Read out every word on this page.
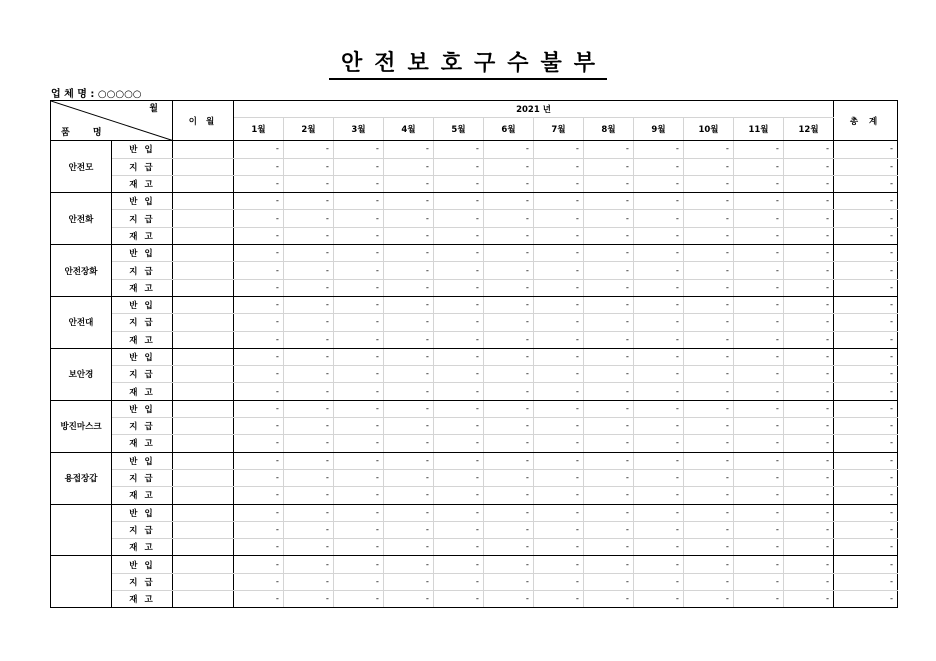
안전보호구수불부
업 체 명 : ○○○○○
월
품 명		이 월	2021 년												총 계
			1월	2월	3월	4월	5월	6월	7월	8월	9월	10월	11월	12월	
안전모	반 입		-	-	-	-	-	-	-	-	-	-	-	-	-
	지 급		-	-	-	-	-	-	-	-	-	-	-	-	-
	재 고		-	-	-	-	-	-	-	-	-	-	-	-	-
안전화	반 입		-	-	-	-	-	-	-	-	-	-	-	-	-
	지 급		-	-	-	-	-	-	-	-	-	-	-	-	-
	재 고		-	-	-	-	-	-	-	-	-	-	-	-	-
안전장화	반 입		-	-	-	-	-	-	-	-	-	-	-	-	-
	지 급		-	-	-	-	-	-	-	-	-	-	-	-	-
	재 고		-	-	-	-	-	-	-	-	-	-	-	-	-
안전대	반 입		-	-	-	-	-	-	-	-	-	-	-	-	-
	지 급		-	-	-	-	-	-	-	-	-	-	-	-	-
	재 고		-	-	-	-	-	-	-	-	-	-	-	-	-
보안경	반 입		-	-	-	-	-	-	-	-	-	-	-	-	-
	지 급		-	-	-	-	-	-	-	-	-	-	-	-	-
	재 고		-	-	-	-	-	-	-	-	-	-	-	-	-
방진마스크	반 입		-	-	-	-	-	-	-	-	-	-	-	-	-
	지 급		-	-	-	-	-	-	-	-	-	-	-	-	-
	재 고		-	-	-	-	-	-	-	-	-	-	-	-	-
용접장갑	반 입		-	-	-	-	-	-	-	-	-	-	-	-	-
	지 급		-	-	-	-	-	-	-	-	-	-	-	-	-
	재 고		-	-	-	-	-	-	-	-	-	-	-	-	-
	반 입		-	-	-	-	-	-	-	-	-	-	-	-	-
	지 급		-	-	-	-	-	-	-	-	-	-	-	-	-
	재 고		-	-	-	-	-	-	-	-	-	-	-	-	-
	반 입		-	-	-	-	-	-	-	-	-	-	-	-	-
	지 급		-	-	-	-	-	-	-	-	-	-	-	-	-
	재 고		-	-	-	-	-	-	-	-	-	-	-	-	-
